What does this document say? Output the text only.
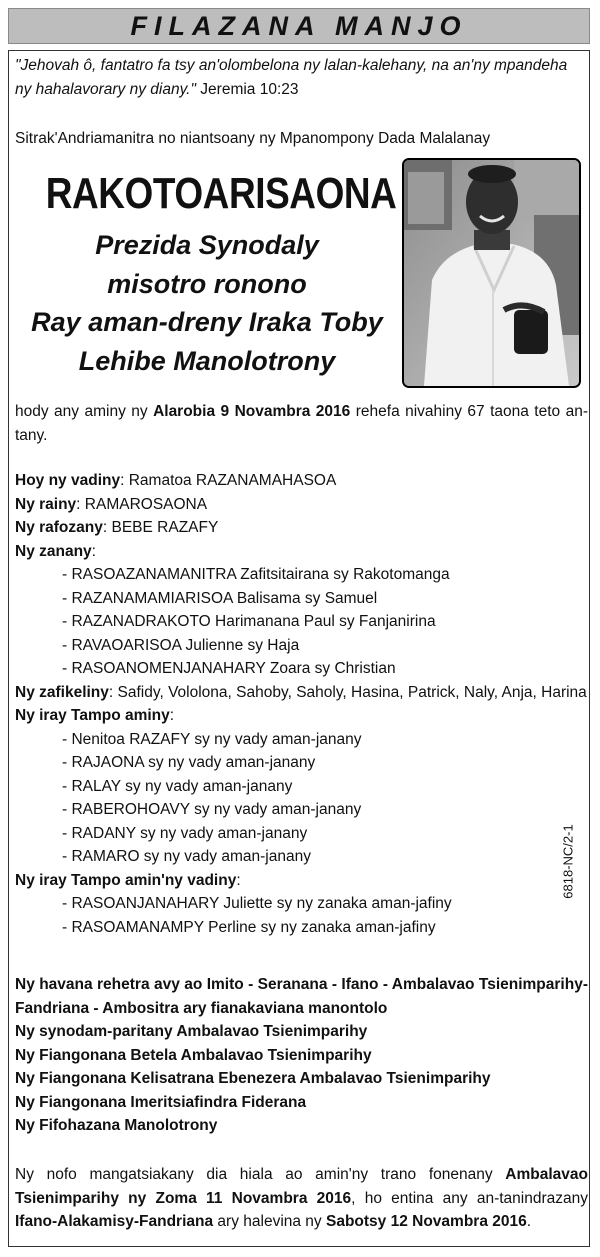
FILAZANA MANJO
"Jehovah ô, fantatro fa tsy an'olombelona ny lalan-kalehany, na an'ny mpandeha ny hahalavorary ny diany." Jeremia 10:23
Sitrak'Andriamanitra no niantsoany ny Mpanompony Dada Malalanay
RAKOTOARISAONA
Prezida Synodaly
misotro ronono
Ray aman-dreny Iraka Toby
Lehibe Manolotrony
hody any aminy ny Alarobia 9 Novambra 2016 rehefa nivahiny 67 taona teto an-tany.
Hoy ny vadiny: Ramatoa RAZANAMAHASOA
Ny rainy: RAMAROSAONA
Ny rafozany: BEBE RAZAFY
Ny zanany:
- RASOAZANAMANITRA Zafitsitairana sy Rakotomanga
- RAZANAMAMIARISOA Balisama sy Samuel
- RAZANADRAKOTO Harimanana Paul sy Fanjanirina
- RAVAOARISOA Julienne sy Haja
- RASOANOMENJANAHARY Zoara sy Christian
Ny zafikeliny: Safidy, Vololona, Sahoby, Saholy, Hasina, Patrick, Naly, Anja, Harina
Ny iray Tampo aminy:
- Nenitoa RAZAFY sy ny vady aman-janany
- RAJAONA sy ny vady aman-janany
- RALAY sy ny vady aman-janany
- RABEROHOAVY sy ny vady aman-janany
- RADANY sy ny vady aman-janany
- RAMARO sy ny vady aman-janany
Ny iray Tampo amin'ny vadiny:
- RASOANJANAHARY Juliette sy ny zanaka aman-jafiny
- RASOAMANAMPY Perline sy ny zanaka aman-jafiny
Ny havana rehetra avy ao Imito - Seranana - Ifano - Ambalavao Tsienimparihy- Fandriana - Ambositra ary fianakaviana manontolo
Ny synodam-paritany Ambalavao Tsienimparihy
Ny Fiangonana Betela Ambalavao Tsienimparihy
Ny Fiangonana Kelisatrana Ebenezera Ambalavao Tsienimparihy
Ny Fiangonana Imeritsiafindra Fiderana
Ny Fifohazana Manolotrony
Ny nofo mangatsiakany dia hiala ao amin'ny trano fonenany Ambalavao Tsienimparihy ny Zoma 11 Novambra 2016, ho entina any an-tanindrazany Ifano-Alakamisy-Fandriana ary halevina ny Sabotsy 12 Novambra 2016.
6818-NC/2-1
